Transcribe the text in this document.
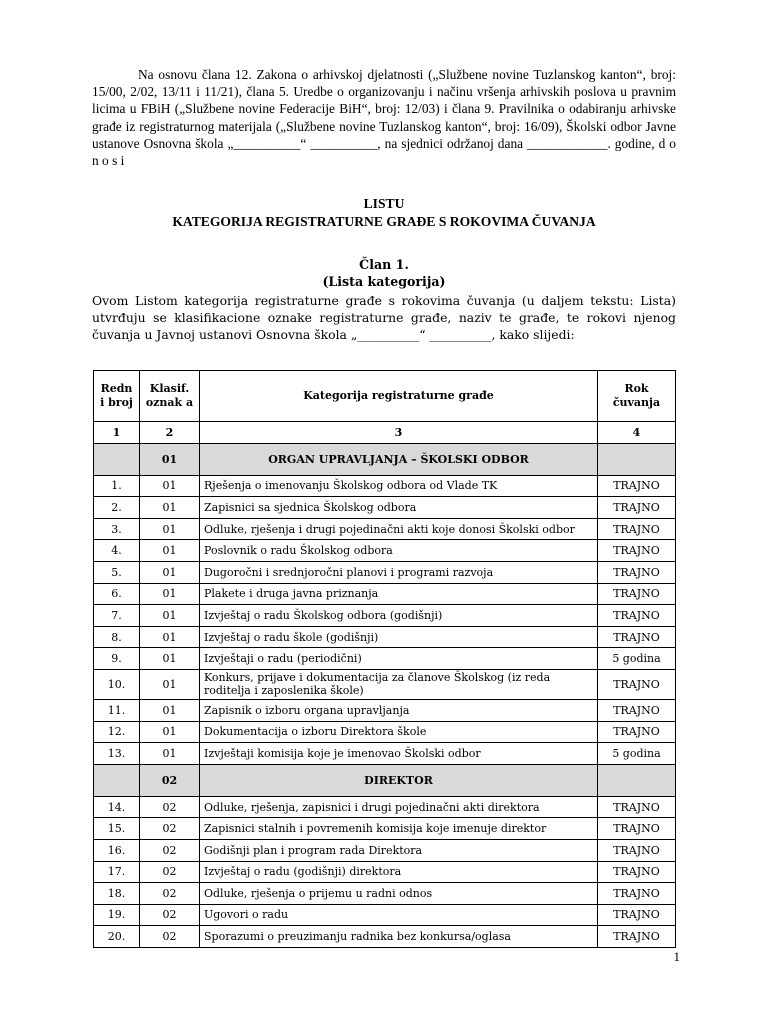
Na osnovu člana 12. Zakona o arhivskoj djelatnosti („Službene novine Tuzlanskog kanton“, broj: 15/00, 2/02, 13/11 i 11/21), člana 5. Uredbe o organizovanju i načinu vršenja arhivskih poslova u pravnim licima u FBiH („Službene novine Federacije BiH“, broj: 12/03) i člana 9. Pravilnika o odabiranju arhivske građe iz registraturnog materijala („Službene novine Tuzlanskog kanton“, broj: 16/09), Školski odbor Javne ustanove Osnovna škola „__________“ __________, na sjednici održanoj dana ____________. godine, d o n o s i

LISTU
KATEGORIJA REGISTRATURNE GRAĐE S ROKOVIMA ČUVANJA
Član 1.
(Lista kategorija)

Ovom Listom kategorija registraturne građe s rokovima čuvanja (u daljem tekstu: Lista) utvrđuju se klasifikacione oznake registraturne građe, naziv te građe, te rokovi njenog čuvanja u Javnoj ustanovi Osnovna škola „__________“ __________, kako slijedi:

Redn i broj	Klasif. oznak a	Kategorija registraturne građe	Rok čuvanja
1	2	3	4
	01	ORGAN UPRAVLJANJA – ŠKOLSKI ODBOR	
1.	01	Rješenja o imenovanju Školskog odbora od Vlade TK	TRAJNO
2.	01	Zapisnici sa sjednica Školskog odbora	TRAJNO
3.	01	Odluke, rješenja i drugi pojedinačni akti koje donosi Školski odbor	TRAJNO
4.	01	Poslovnik o radu Školskog odbora	TRAJNO
5.	01	Dugoročni i srednjoročni planovi i programi razvoja	TRAJNO
6.	01	Plakete i druga javna priznanja	TRAJNO
7.	01	Izvještaj o radu Školskog odbora (godišnji)	TRAJNO
8.	01	Izvještaj o radu škole (godišnji)	TRAJNO
9.	01	Izvještaji o radu (periodični)	5 godina
10.	01	Konkurs, prijave i dokumentacija za članove Školskog (iz reda roditelja i zaposlenika škole)	TRAJNO
11.	01	Zapisnik o izboru organa upravljanja	TRAJNO
12.	01	Dokumentacija o izboru Direktora škole	TRAJNO
13.	01	Izvještaji komisija koje je imenovao Školski odbor	5 godina
	02	DIREKTOR	
14.	02	Odluke, rješenja, zapisnici i drugi pojedinačni akti direktora	TRAJNO
15.	02	Zapisnici stalnih i povremenih komisija koje imenuje direktor	TRAJNO
16.	02	Godišnji plan i program rada Direktora	TRAJNO
17.	02	Izvještaj o radu (godišnji) direktora	TRAJNO
18.	02	Odluke, rješenja o prijemu u radni odnos	TRAJNO
19.	02	Ugovori o radu	TRAJNO
20.	02	Sporazumi o preuzimanju radnika bez konkursa/oglasa	TRAJNO
1
